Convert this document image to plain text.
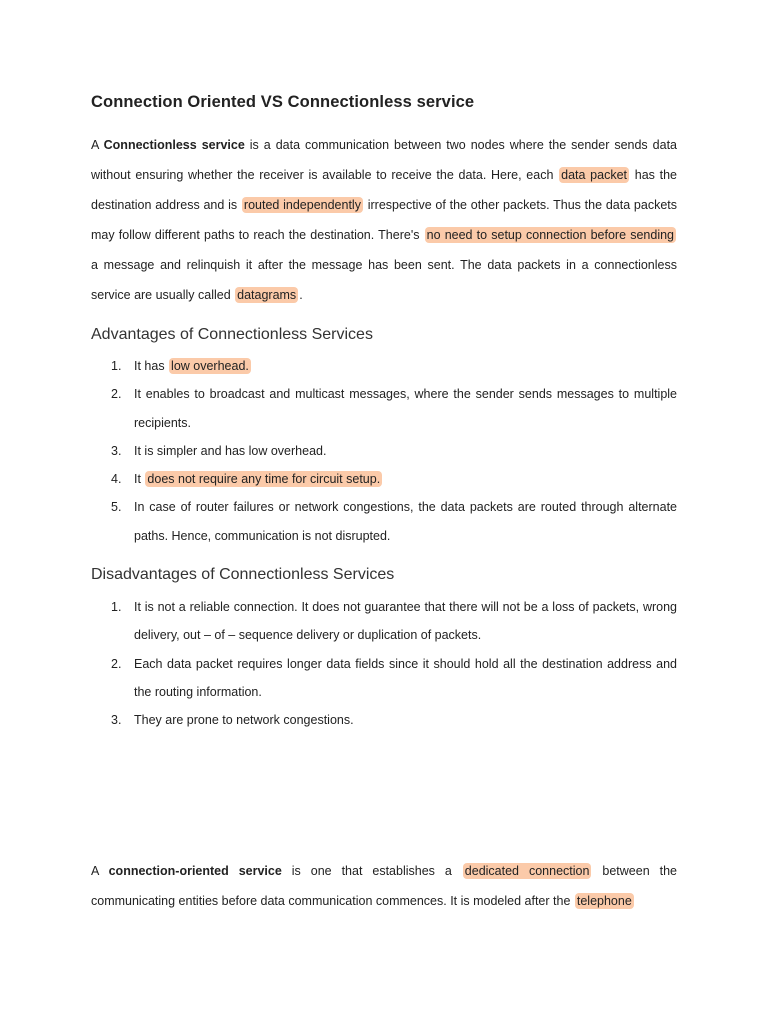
Connection Oriented VS Connectionless service
A Connectionless service is a data communication between two nodes where the sender sends data without ensuring whether the receiver is available to receive the data. Here, each data packet has the destination address and is routed independently irrespective of the other packets. Thus the data packets may follow different paths to reach the destination. There's no need to setup connection before sending a message and relinquish it after the message has been sent. The data packets in a connectionless service are usually called datagrams .
Advantages of Connectionless Services
1. It has low overhead.
2. It enables to broadcast and multicast messages, where the sender sends messages to multiple recipients.
3. It is simpler and has low overhead.
4. It does not require any time for circuit setup.
5. In case of router failures or network congestions, the data packets are routed through alternate paths. Hence, communication is not disrupted.
Disadvantages of Connectionless Services
1. It is not a reliable connection. It does not guarantee that there will not be a loss of packets, wrong delivery, out – of – sequence delivery or duplication of packets.
2. Each data packet requires longer data fields since it should hold all the destination address and the routing information.
3. They are prone to network congestions.
A connection-oriented service is one that establishes a dedicated connection between the communicating entities before data communication commences. It is modeled after the telephone
